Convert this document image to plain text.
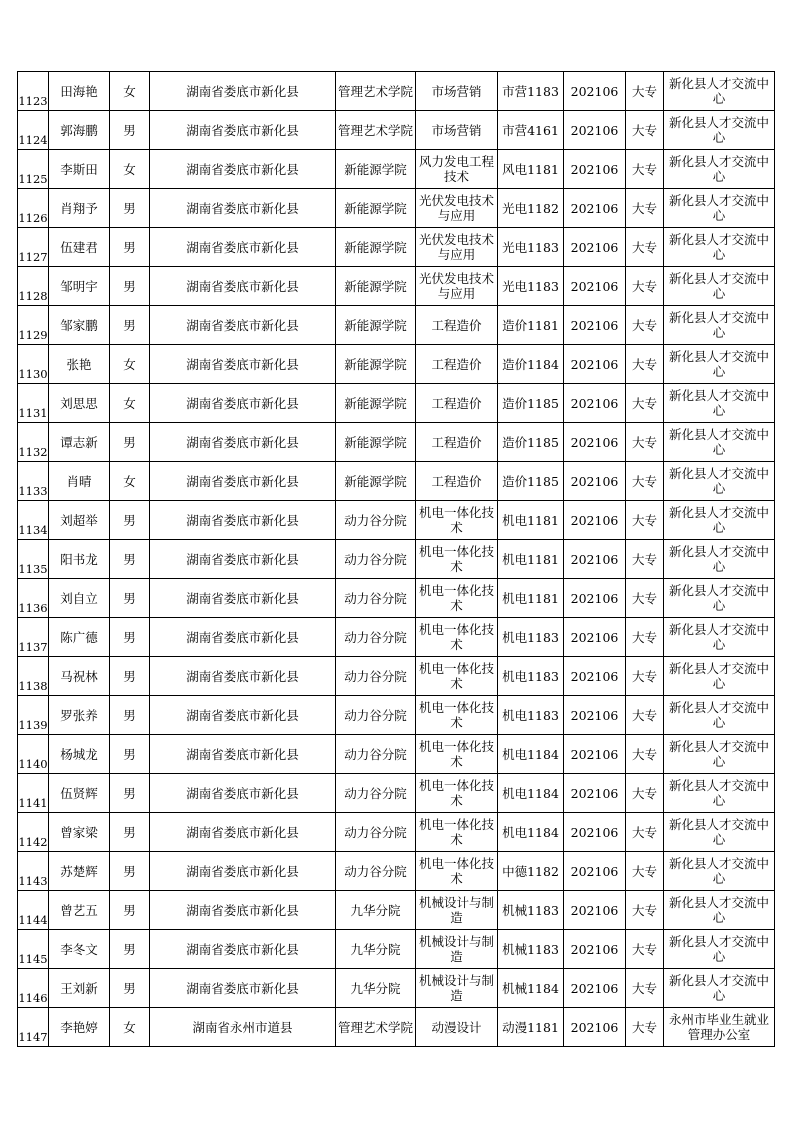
1123	田海艳	女	湖南省娄底市新化县	管理艺术学院	市场营销	市营1183	202106	大专	新化县人才交流中心
1124	郭海鹏	男	湖南省娄底市新化县	管理艺术学院	市场营销	市营4161	202106	大专	新化县人才交流中心
1125	李斯田	女	湖南省娄底市新化县	新能源学院	风力发电工程技术	风电1181	202106	大专	新化县人才交流中心
1126	肖翔予	男	湖南省娄底市新化县	新能源学院	光伏发电技术与应用	光电1182	202106	大专	新化县人才交流中心
1127	伍建君	男	湖南省娄底市新化县	新能源学院	光伏发电技术与应用	光电1183	202106	大专	新化县人才交流中心
1128	邹明宇	男	湖南省娄底市新化县	新能源学院	光伏发电技术与应用	光电1183	202106	大专	新化县人才交流中心
1129	邹家鹏	男	湖南省娄底市新化县	新能源学院	工程造价	造价1181	202106	大专	新化县人才交流中心
1130	张艳	女	湖南省娄底市新化县	新能源学院	工程造价	造价1184	202106	大专	新化县人才交流中心
1131	刘思思	女	湖南省娄底市新化县	新能源学院	工程造价	造价1185	202106	大专	新化县人才交流中心
1132	谭志新	男	湖南省娄底市新化县	新能源学院	工程造价	造价1185	202106	大专	新化县人才交流中心
1133	肖晴	女	湖南省娄底市新化县	新能源学院	工程造价	造价1185	202106	大专	新化县人才交流中心
1134	刘超举	男	湖南省娄底市新化县	动力谷分院	机电一体化技术	机电1181	202106	大专	新化县人才交流中心
1135	阳书龙	男	湖南省娄底市新化县	动力谷分院	机电一体化技术	机电1181	202106	大专	新化县人才交流中心
1136	刘自立	男	湖南省娄底市新化县	动力谷分院	机电一体化技术	机电1181	202106	大专	新化县人才交流中心
1137	陈广德	男	湖南省娄底市新化县	动力谷分院	机电一体化技术	机电1183	202106	大专	新化县人才交流中心
1138	马祝林	男	湖南省娄底市新化县	动力谷分院	机电一体化技术	机电1183	202106	大专	新化县人才交流中心
1139	罗张养	男	湖南省娄底市新化县	动力谷分院	机电一体化技术	机电1183	202106	大专	新化县人才交流中心
1140	杨城龙	男	湖南省娄底市新化县	动力谷分院	机电一体化技术	机电1184	202106	大专	新化县人才交流中心
1141	伍贤辉	男	湖南省娄底市新化县	动力谷分院	机电一体化技术	机电1184	202106	大专	新化县人才交流中心
1142	曾家梁	男	湖南省娄底市新化县	动力谷分院	机电一体化技术	机电1184	202106	大专	新化县人才交流中心
1143	苏楚辉	男	湖南省娄底市新化县	动力谷分院	机电一体化技术	中德1182	202106	大专	新化县人才交流中心
1144	曾艺五	男	湖南省娄底市新化县	九华分院	机械设计与制造	机械1183	202106	大专	新化县人才交流中心
1145	李冬文	男	湖南省娄底市新化县	九华分院	机械设计与制造	机械1183	202106	大专	新化县人才交流中心
1146	王刘新	男	湖南省娄底市新化县	九华分院	机械设计与制造	机械1184	202106	大专	新化县人才交流中心
1147	李艳婷	女	湖南省永州市道县	管理艺术学院	动漫设计	动漫1181	202106	大专	永州市毕业生就业管理办公室
